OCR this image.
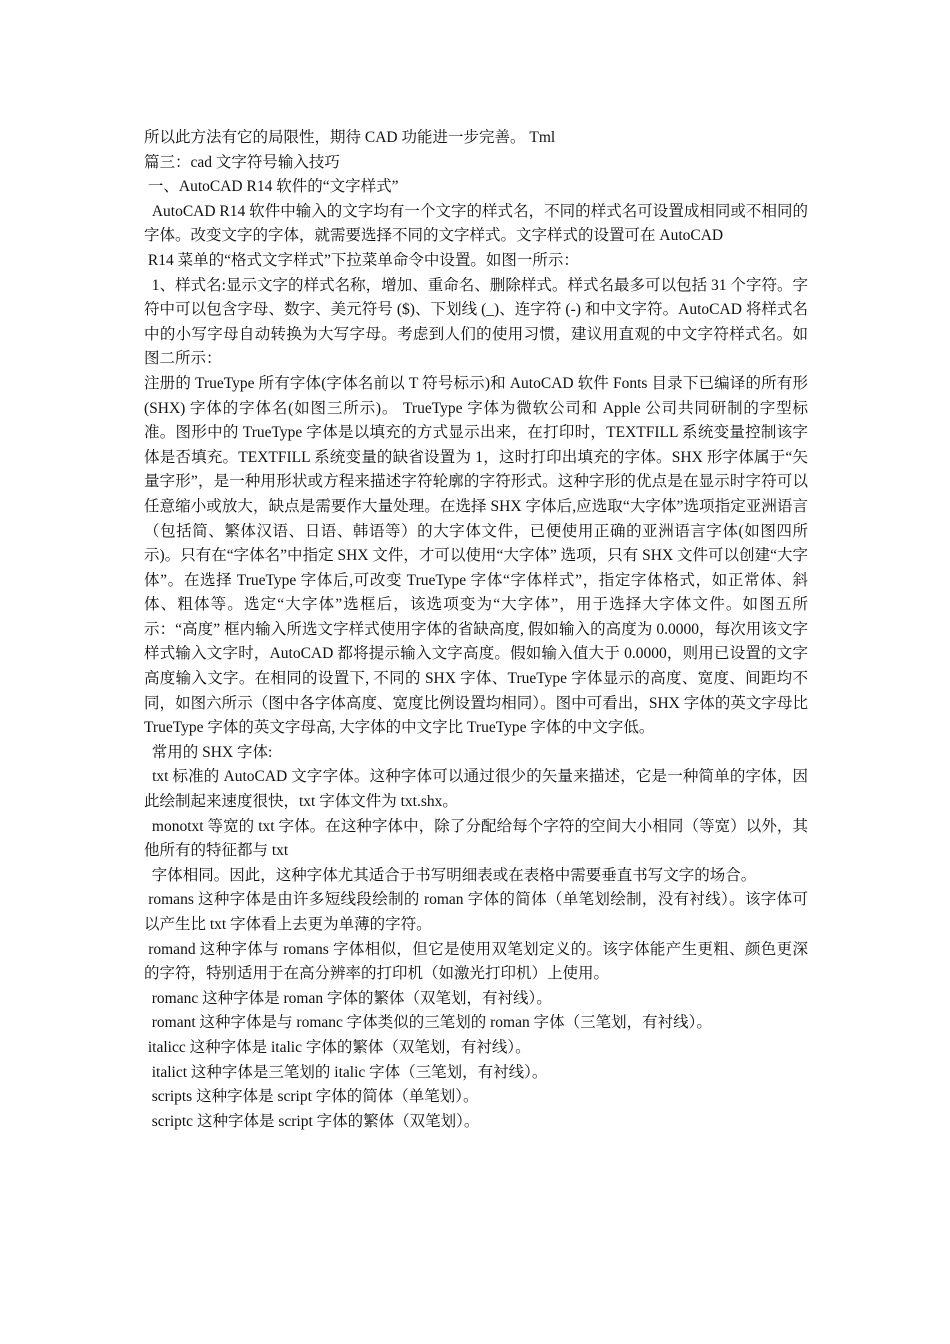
所以此方法有它的局限性，期待 CAD 功能进一步完善。 Tml

篇三：cad 文字符号输入技巧

一、AutoCAD R14 软件的“文字样式”

AutoCAD R14 软件中输入的文字均有一个文字的样式名，不同的样式名可设置成相同或不相同的字体。改变文字的字体，就需要选择不同的文字样式。文字样式的设置可在 AutoCAD

R14 菜单的“格式文字样式”下拉菜单命令中设置。如图一所示：

1、样式名:显示文字的样式名称，增加、重命名、删除样式。样式名最多可以包括 31 个字符。字符中可以包含字母、数字、美元符号 ($)、下划线 (_)、连字符 (-) 和中文字符。AutoCAD 将样式名中的小写字母自动转换为大写字母。考虑到人们的使用习惯，建议用直观的中文字符样式名。如图二所示：

注册的 TrueType 所有字体(字体名前以 T 符号标示)和 AutoCAD 软件 Fonts 目录下已编译的所有形 (SHX) 字体的字体名(如图三所示)。 TrueType 字体为微软公司和 Apple 公司共同研制的字型标准。图形中的 TrueType 字体是以填充的方式显示出来，在打印时，TEXTFILL 系统变量控制该字体是否填充。TEXTFILL 系统变量的缺省设置为 1，这时打印出填充的字体。SHX 形字体属于“矢量字形”，是一种用形状或方程来描述字符轮廓的字符形式。这种字形的优点是在显示时字符可以任意缩小或放大，缺点是需要作大量处理。在选择 SHX 字体后,应选取“大字体”选项指定亚洲语言（包括简、繁体汉语、日语、韩语等）的大字体文件，已便使用正确的亚洲语言字体(如图四所示)。只有在“字体名”中指定 SHX 文件，才可以使用“大字体” 选项，只有 SHX 文件可以创建“大字体”。在选择 TrueType 字体后,可改变 TrueType 字体“字体样式”，指定字体格式，如正常体、斜体、粗体等。选定“大字体”选框后，该选项变为“大字体”，用于选择大字体文件。如图五所示：“高度” 框内输入所选文字样式使用字体的省缺高度, 假如输入的高度为 0.0000，每次用该文字样式输入文字时，AutoCAD 都将提示输入文字高度。假如输入值大于 0.0000，则用已设置的文字高度输入文字。在相同的设置下, 不同的 SHX 字体、TrueType 字体显示的高度、宽度、间距均不同，如图六所示（图中各字体高度、宽度比例设置均相同）。图中可看出，SHX 字体的英文字母比 TrueType 字体的英文字母高, 大字体的中文字比 TrueType 字体的中文字低。

常用的 SHX 字体:

txt 标准的 AutoCAD 文字字体。这种字体可以通过很少的矢量来描述，它是一种简单的字体，因此绘制起来速度很快，txt 字体文件为 txt.shx。

monotxt 等宽的 txt 字体。在这种字体中，除了分配给每个字符的空间大小相同（等宽）以外，其他所有的特征都与 txt

字体相同。因此，这种字体尤其适合于书写明细表或在表格中需要垂直书写文字的场合。

romans 这种字体是由许多短线段绘制的 roman 字体的简体（单笔划绘制，没有衬线）。该字体可以产生比 txt 字体看上去更为单薄的字符。

romand 这种字体与 romans 字体相似，但它是使用双笔划定义的。该字体能产生更粗、颜色更深的字符，特别适用于在高分辨率的打印机（如激光打印机）上使用。

romanc 这种字体是 roman 字体的繁体（双笔划，有衬线）。

romant 这种字体是与 romanc 字体类似的三笔划的 roman 字体（三笔划，有衬线）。

italicc 这种字体是 italic 字体的繁体（双笔划，有衬线）。

italict 这种字体是三笔划的 italic 字体（三笔划，有衬线）。

scripts 这种字体是 script 字体的简体（单笔划）。

scriptc 这种字体是 script 字体的繁体（双笔划）。
